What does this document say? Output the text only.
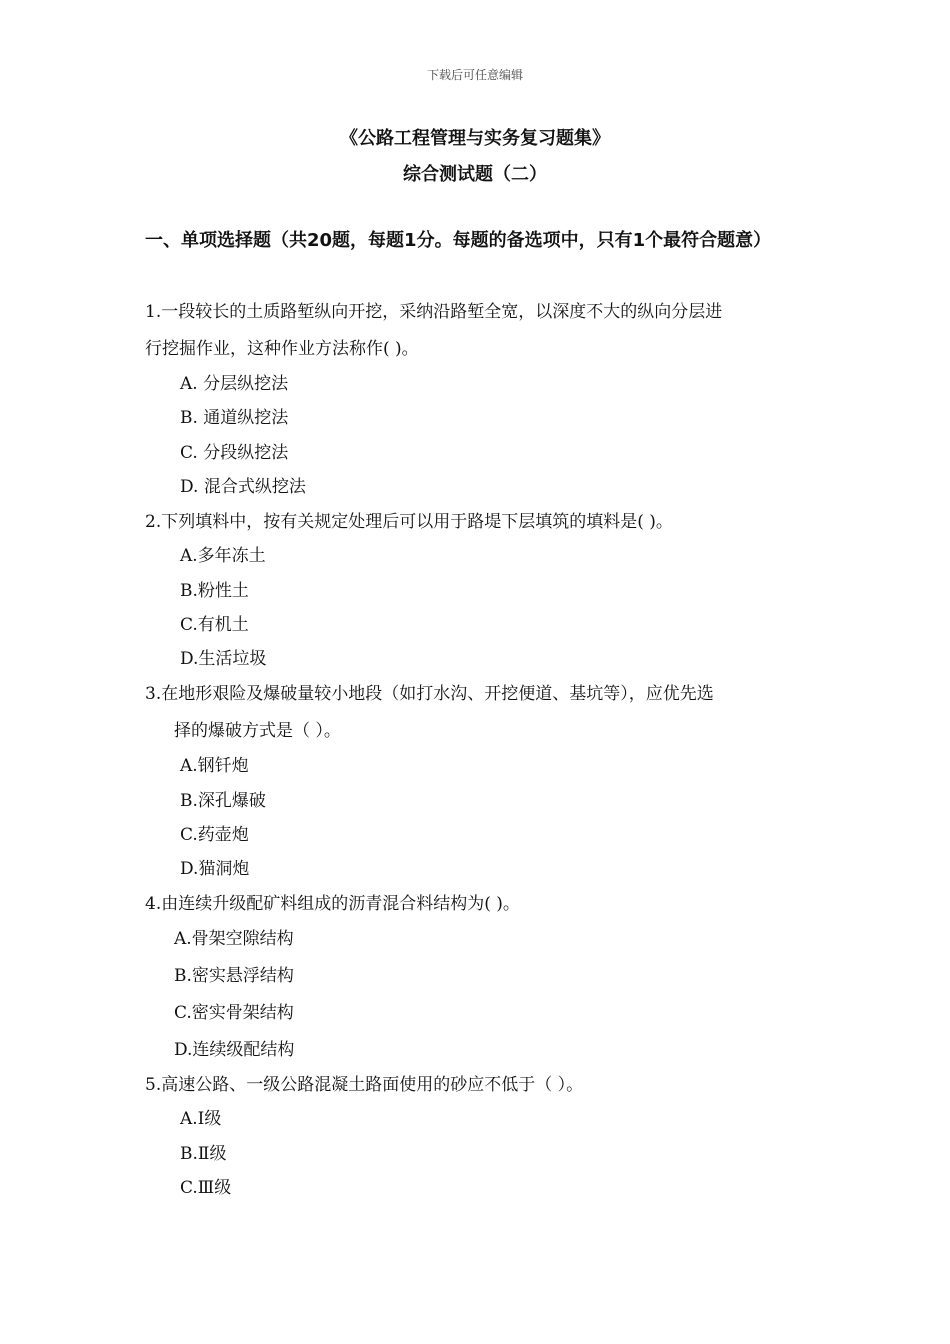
下载后可任意编辑
《公路工程管理与实务复习题集》
综合测试题（二）
一、单项选择题（共20题，每题1分。每题的备选项中，只有1个最符合题意）
1.一段较长的土质路堑纵向开挖，采纳沿路堑全宽，以深度不大的纵向分层进
行挖掘作业，这种作业方法称作( )。
A. 分层纵挖法
B. 通道纵挖法
C. 分段纵挖法
D. 混合式纵挖法
2.下列填料中，按有关规定处理后可以用于路堤下层填筑的填料是( )。
A.多年冻土
B.粉性土
C.有机土
D.生活垃圾
3.在地形艰险及爆破量较小地段（如打水沟、开挖便道、基坑等），应优先选
择的爆破方式是（ ）。
A.钢钎炮
B.深孔爆破
C.药壶炮
D.猫洞炮
4.由连续升级配矿料组成的沥青混合料结构为( )。
A.骨架空隙结构
B.密实悬浮结构
C.密实骨架结构
D.连续级配结构
5.高速公路、一级公路混凝土路面使用的砂应不低于（ ）。
A.Ⅰ级
B.Ⅱ级
C.Ⅲ级
